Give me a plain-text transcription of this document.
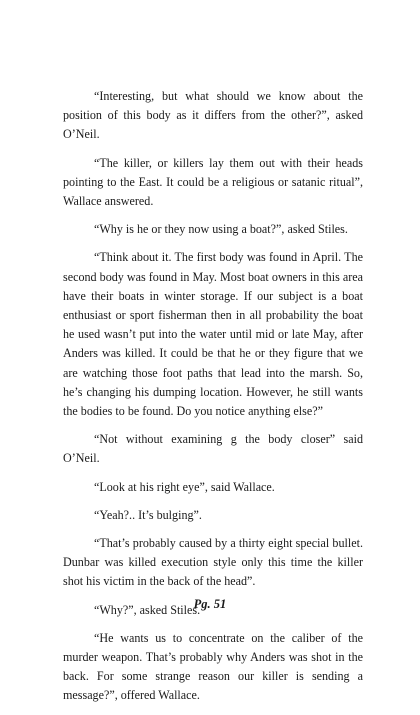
“Interesting, but what should we know about the position of this body as it differs from the other?”, asked O’Neil.

“The killer, or killers lay them out with their heads pointing to the East. It could be a religious or satanic ritual”, Wallace answered.

“Why is he or they now using a boat?”, asked Stiles.

“Think about it. The first body was found in April. The second body was found in May. Most boat owners in this area have their boats in winter storage. If our subject is a boat enthusiast or sport fisherman then in all probability the boat he used wasn’t put into the water until mid or late May, after Anders was killed. It could be that he or they figure that we are watching those foot paths that lead into the marsh. So, he’s changing his dumping location. However, he still wants the bodies to be found. Do you notice anything else?”

“Not without examining g the body closer” said O’Neil.

“Look at his right eye”, said Wallace.

“Yeah?.. It’s bulging”.

“That’s probably caused by a thirty eight special bullet. Dunbar was killed execution style only this time the killer shot his victim in the back of the head”.

“Why?”, asked Stiles.

“He wants us to concentrate on the caliber of the murder weapon. That’s probably why Anders was shot in the back. For some strange reason our killer is sending a message?”, offered Wallace.

Pg. 51
